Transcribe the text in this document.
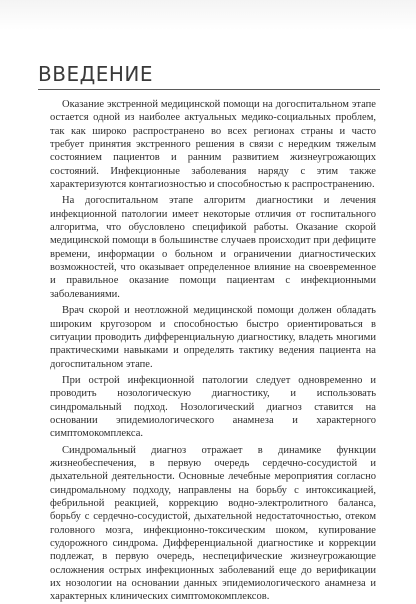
ВВЕДЕНИЕ

Оказание экстренной медицинской помощи на догоспитальном этапе остается одной из наиболее актуальных медико-социальных проблем, так как широко распространено во всех регионах страны и часто требует принятия экстренного решения в связи с нередким тяжелым состоянием пациентов и ранним развитием жизнеугрожающих состояний. Инфекционные заболевания наряду с этим также характеризуются контагиозностью и способностью к распространению.

На догоспитальном этапе алгоритм диагностики и лечения инфекционной патологии имеет некоторые отличия от госпитального алгоритма, что обусловлено спецификой работы. Оказание скорой медицинской помощи в большинстве случаев происходит при дефиците времени, информации о больном и ограничении диагностических возможностей, что оказывает определенное влияние на своевременное и правильное оказание помощи пациентам с инфекционными заболеваниями.

Врач скорой и неотложной медицинской помощи должен обладать широким кругозором и способностью быстро ориентироваться в ситуации проводить дифференциальную диагностику, владеть многими практическими навыками и определять тактику ведения пациента на догоспитальном этапе.

При острой инфекционной патологии следует одновременно и проводить нозологическую диагностику, и использовать синдромальный подход. Нозологический диагноз ставится на основании эпидемиологического анамнеза и характерного симптомокомплекса.

Синдромальный диагноз отражает в динамике функции жизнеобеспечения, в первую очередь сердечно-сосудистой и дыхательной деятельности. Основные лечебные мероприятия согласно синдромальному подходу, направлены на борьбу с интоксикацией, фебрильной реакцией, коррекцию водно-электролитного баланса, борьбу с сердечно-сосудистой, дыхательной недостаточностью, отеком головного мозга, инфекционно-токсическим шоком, купирование судорожного синдрома. Дифференциальной диагностике и коррекции подлежат, в первую очередь, неспецифические жизнеугрожающие осложнения острых инфекционных заболеваний еще до верификации их нозологии на основании данных эпидемиологического анамнеза и характерных клинических симптомокомплексов.
